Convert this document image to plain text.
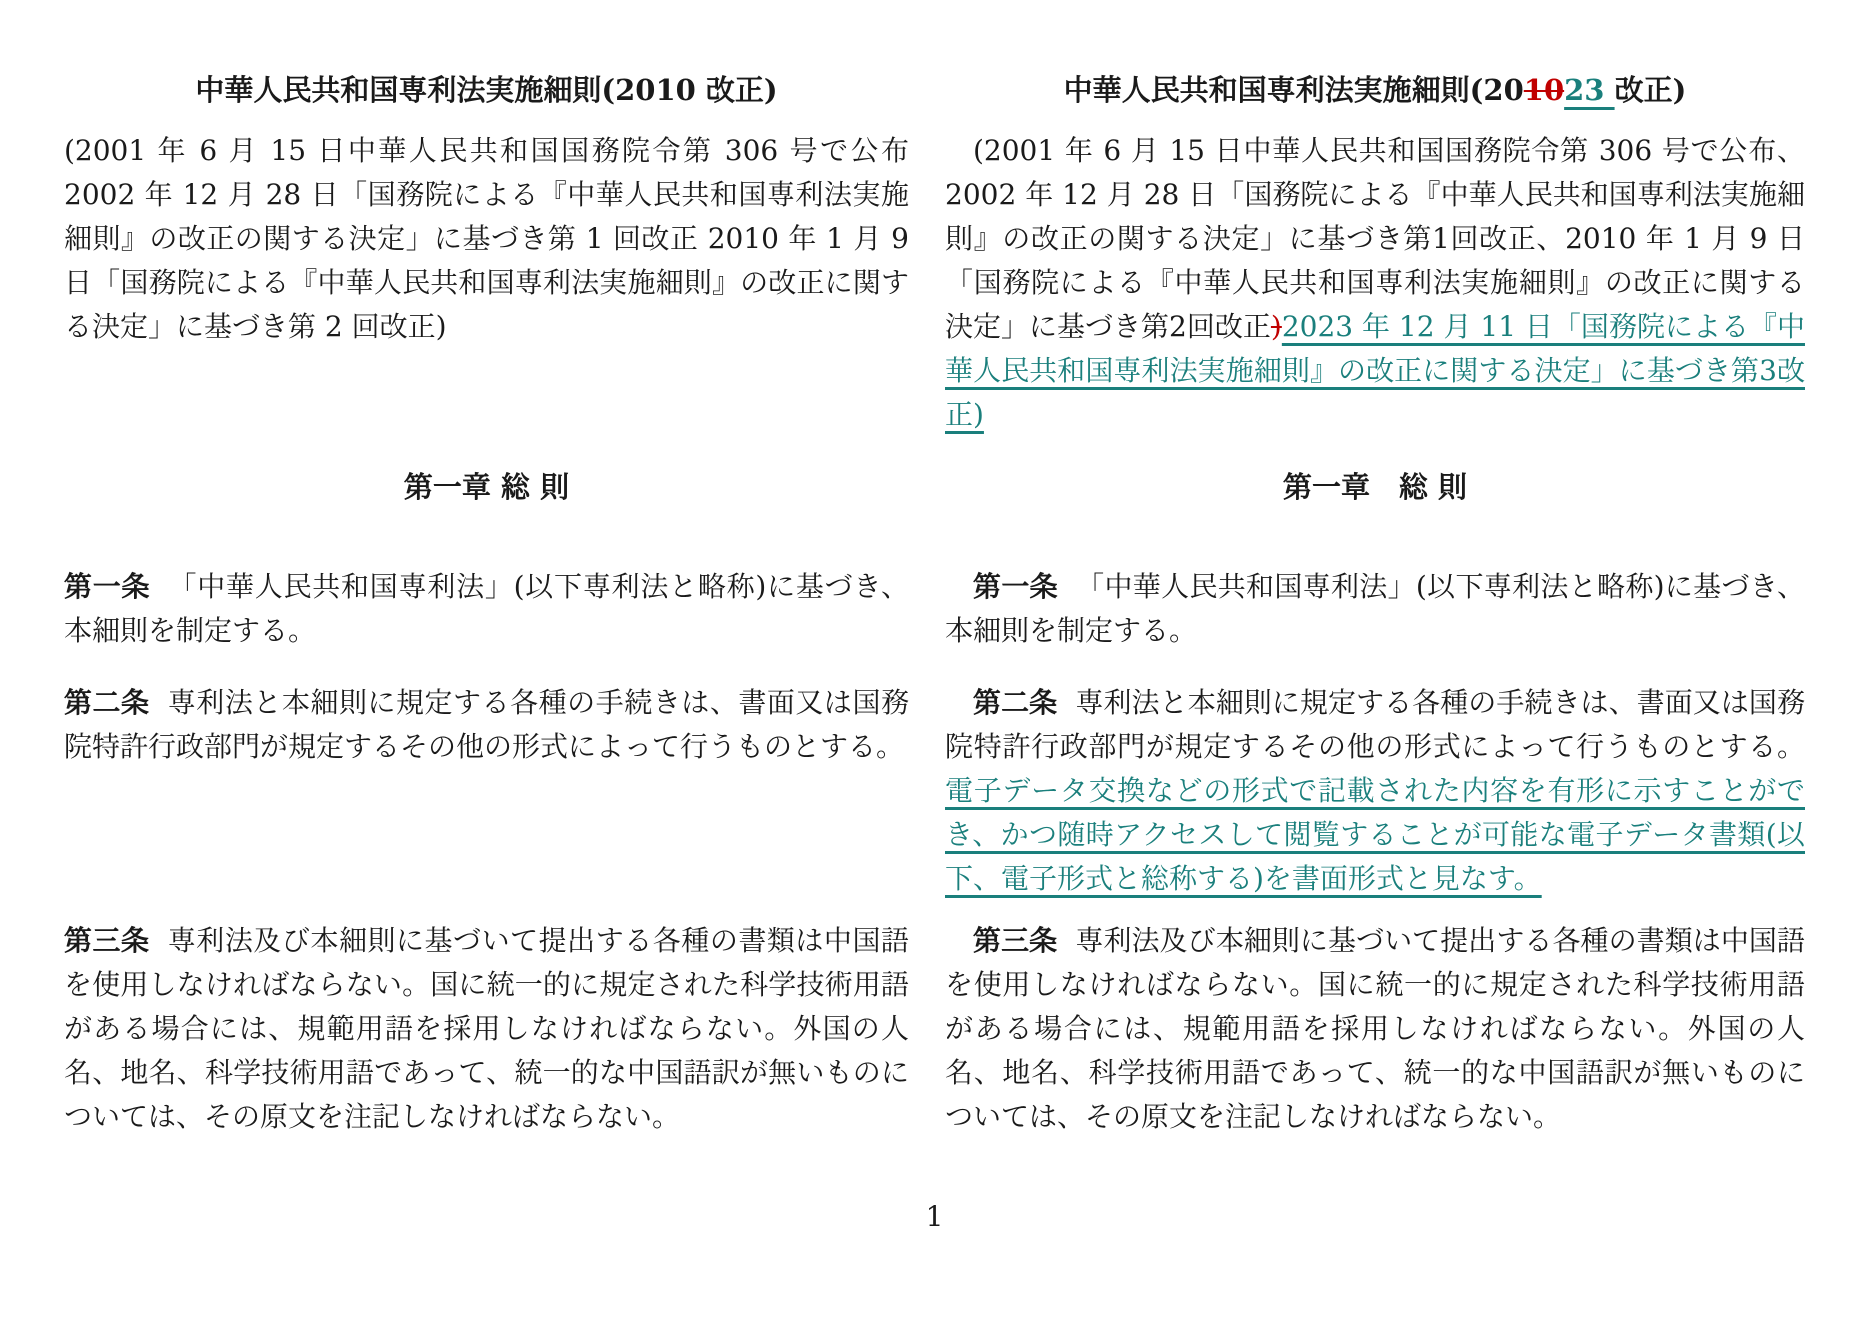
中華人民共和国専利法実施細則(2010 改正)	中華人民共和国専利法実施細則(201023 改正)

(2001 年 6 月 15 日中華人民共和国国務院令第 306 号で公布 2002 年 12 月 28 日「国務院による『中華人民共和国専利法実施細則』の改正の関する決定」に基づき第 1 回改正 2010 年 1 月 9 日「国務院による『中華人民共和国専利法実施細則』の改正に関する決定」に基づき第 2 回改正)

(2001 年 6 月 15 日中華人民共和国国務院令第 306 号で公布、2002 年 12 月 28 日「国務院による『中華人民共和国専利法実施細則』の改正の関する決定」に基づき第1回改正、2010 年 1 月 9 日「国務院による『中華人民共和国専利法実施細則』の改正に関する決定」に基づき第2回改正)2023 年 12 月 11 日「国務院による『中華人民共和国専利法実施細則』の改正に関する決定」に基づき第3改正)

第一章 総 則	第一章　総 則

第一条 「中華人民共和国専利法」(以下専利法と略称)に基づき、本細則を制定する。

第一条 「中華人民共和国専利法」(以下専利法と略称)に基づき、本細則を制定する。

第二条 専利法と本細則に規定する各種の手続きは、書面又は国務院特許行政部門が規定するその他の形式によって行うものとする。

第二条 専利法と本細則に規定する各種の手続きは、書面又は国務院特許行政部門が規定するその他の形式によって行うものとする。電子データ交換などの形式で記載された内容を有形に示すことができ、かつ随時アクセスして閲覧することが可能な電子データ書類(以下、電子形式と総称する)を書面形式と見なす。

第三条 専利法及び本細則に基づいて提出する各種の書類は中国語を使用しなければならない。国に統一的に規定された科学技術用語がある場合には、規範用語を採用しなければならない。外国の人名、地名、科学技術用語であって、統一的な中国語訳が無いものについては、その原文を注記しなければならない。

第三条 専利法及び本細則に基づいて提出する各種の書類は中国語を使用しなければならない。国に統一的に規定された科学技術用語がある場合には、規範用語を採用しなければならない。外国の人名、地名、科学技術用語であって、統一的な中国語訳が無いものについては、その原文を注記しなければならない。

1
